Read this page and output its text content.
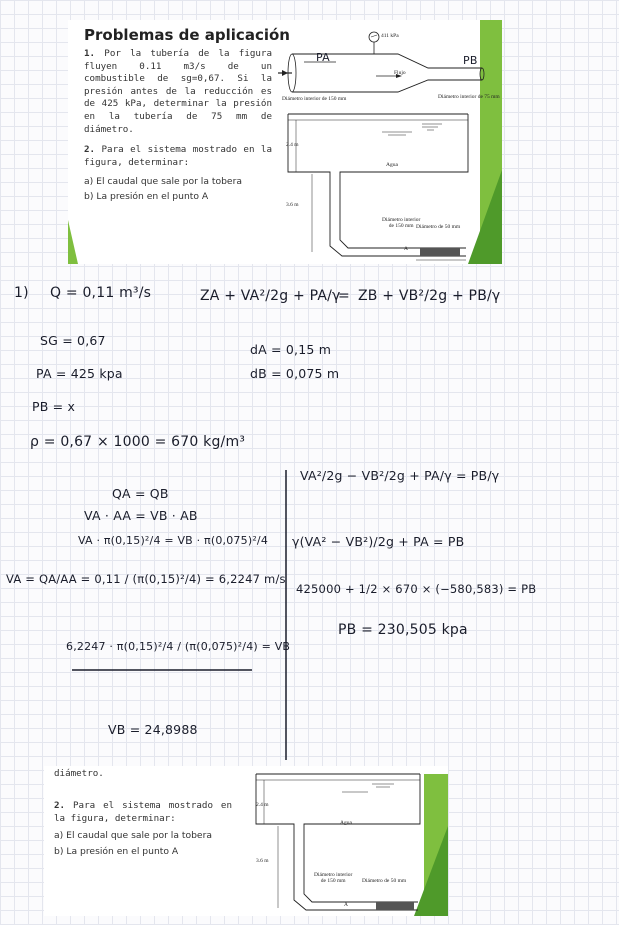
Problemas de aplicación
1. Por la tubería de la figura fluyen 0.11 m3/s de un combustible de sg=0,67. Si la presión antes de la reducción es de 425 kPa, determinar la presión en la tubería de 75 mm de diámetro.
2. Para el sistema mostrado en la figura, determinar:
a) El caudal que sale por la tobera
b) La presión en el punto A
411 kPa
PA	PB
Flujo
Diámetro interior de 150 mm	Diámetro interior de 75 mm
2.4 m
3.6 m
Agua
Diámetro interior
de 150 mm Diámetro de 50 mm
A
1) Q = 0,11 m³/s
SG = 0,67
PA = 425 kpa
PB = x
ρ = 0,67 × 1000 = 670 kg/m³
ZA + VA²/2g + PA/γ
= ZB + VB²/2g + PB/γ
dA = 0,15 m
dB = 0,075 m
QA = QB
VA · AA = VB · AB
VA · π(0,15)²/4 = VB · π(0,075)²/4
VA = QA/AA = 0,11 / (π(0,15)²/4) = 6,2247 m/s
6,2247 · π(0,15)²/4 / (π(0,075)²/4) = VB
VB = 24,8988
VA²/2g − VB²/2g + PA/γ = PB/γ
γ(VA² − VB²)/2g + PA = PB
425000 + 1/2 × 670 × (−580,583) = PB
PB = 230,505 kpa
diámetro.
2. Para el sistema mostrado en la figura, determinar:
a) El caudal que sale por la tobera
b) La presión en el punto A
2.4 m
3.6 m
Agua
Diámetro interior
de 150 mm	Diámetro de 50 mm
A
